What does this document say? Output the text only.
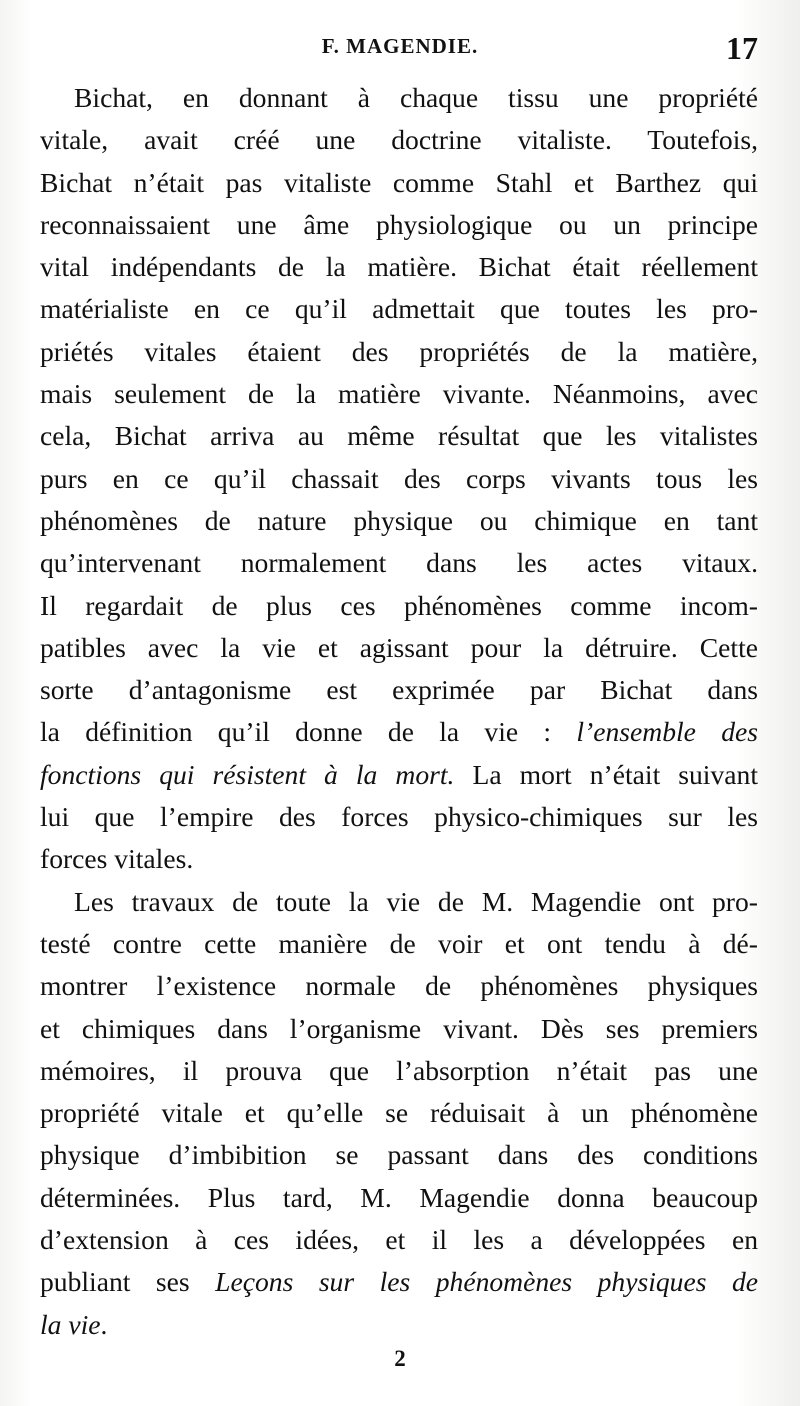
F. MAGENDIE.	17
Bichat, en donnant à chaque tissu une propriété
vitale, avait créé une doctrine vitaliste. Toutefois,
Bichat n’était pas vitaliste comme Stahl et Barthez qui
reconnaissaient une âme physiologique ou un principe
vital indépendants de la matière. Bichat était réellement
matérialiste en ce qu’il admettait que toutes les pro-
priétés vitales étaient des propriétés de la matière,
mais seulement de la matière vivante. Néanmoins, avec
cela, Bichat arriva au même résultat que les vitalistes
purs en ce qu’il chassait des corps vivants tous les
phénomènes de nature physique ou chimique en tant
qu’intervenant normalement dans les actes vitaux.
Il regardait de plus ces phénomènes comme incom-
patibles avec la vie et agissant pour la détruire. Cette
sorte d’antagonisme est exprimée par Bichat dans
la définition qu’il donne de la vie : l’ensemble des
fonctions qui résistent à la mort. La mort n’était suivant
lui que l’empire des forces physico-chimiques sur les
forces vitales.
Les travaux de toute la vie de M. Magendie ont pro-
testé contre cette manière de voir et ont tendu à dé-
montrer l’existence normale de phénomènes physiques
et chimiques dans l’organisme vivant. Dès ses premiers
mémoires, il prouva que l’absorption n’était pas une
propriété vitale et qu’elle se réduisait à un phénomène
physique d’imbibition se passant dans des conditions
déterminées. Plus tard, M. Magendie donna beaucoup
d’extension à ces idées, et il les a développées en
publiant ses Leçons sur les phénomènes physiques de
la vie.
2
